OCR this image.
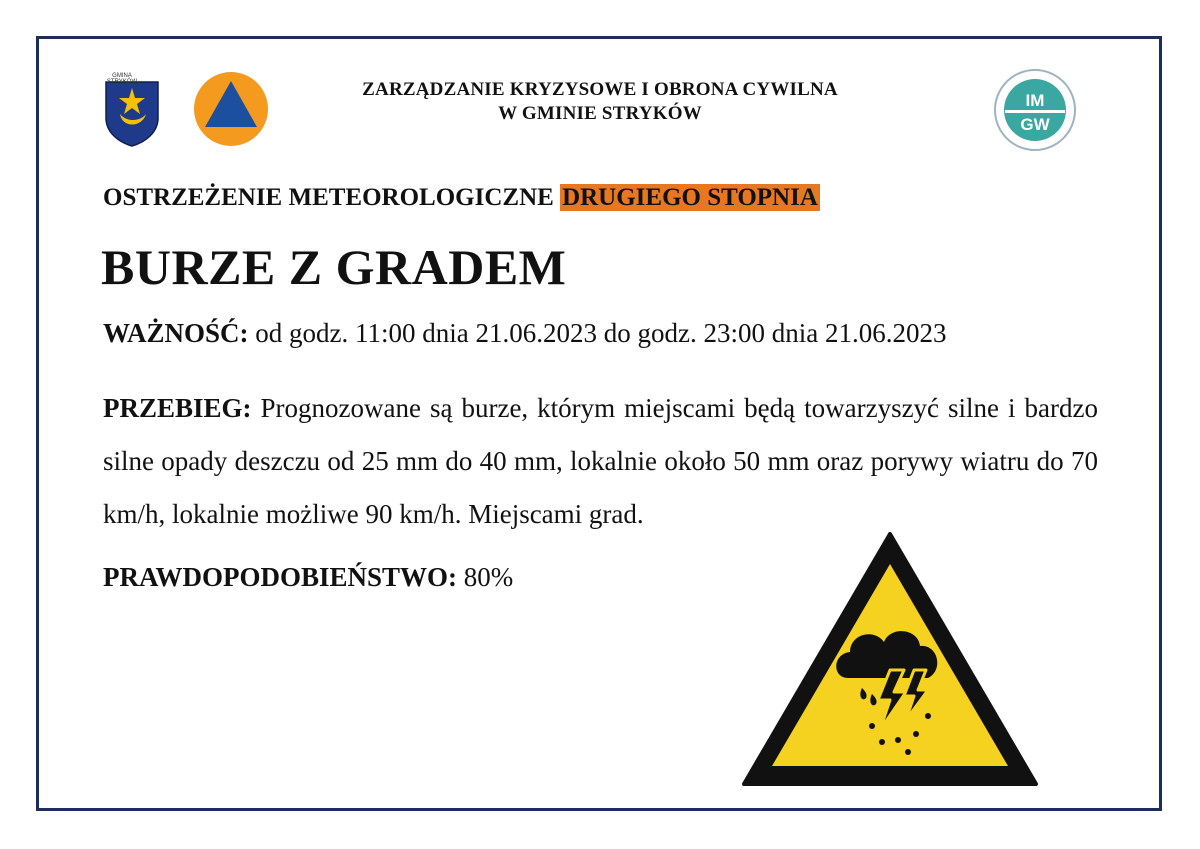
GMINA STRYKÓW	ZARZĄDZANIE KRYZYSOWE I OBRONA CYWILNA
W GMINIE STRYKÓW
IM
GW
OSTRZEŻENIE METEOROLOGICZNE DRUGIEGO STOPNIA
BURZE Z GRADEM
WAŻNOŚĆ: od godz. 11:00 dnia 21.06.2023 do godz. 23:00 dnia 21.06.2023
PRZEBIEG: Prognozowane są burze, którym miejscami będą towarzyszyć silne i bardzo silne opady deszczu od 25 mm do 40 mm, lokalnie około 50 mm oraz porywy wiatru do 70 km/h, lokalnie możliwe 90 km/h. Miejscami grad.
PRAWDOPODOBIEŃSTWO: 80%
